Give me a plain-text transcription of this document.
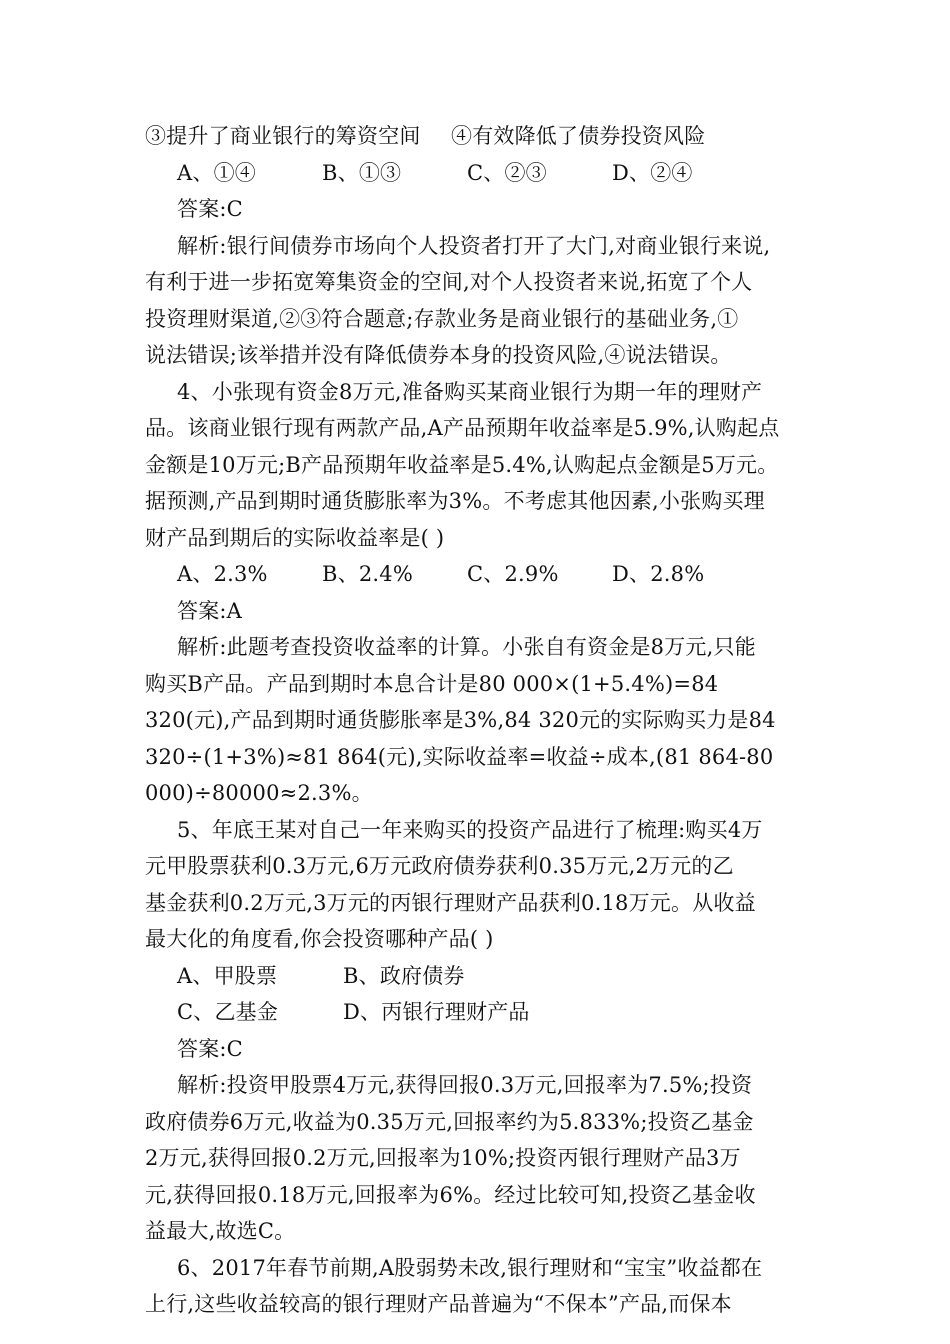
③提升了商业银行的筹资空间	④有效降低了债券投资风险
A、①④	B、①③	C、②③	D、②④
答案:C
解析:银行间债券市场向个人投资者打开了大门,对商业银行来说,
有利于进一步拓宽筹集资金的空间,对个人投资者来说,拓宽了个人
投资理财渠道,②③符合题意;存款业务是商业银行的基础业务,①
说法错误;该举措并没有降低债券本身的投资风险,④说法错误。
4、小张现有资金8万元,准备购买某商业银行为期一年的理财产
品。该商业银行现有两款产品,A产品预期年收益率是5.9%,认购起点
金额是10万元;B产品预期年收益率是5.4%,认购起点金额是5万元。
据预测,产品到期时通货膨胀率为3%。不考虑其他因素,小张购买理
财产品到期后的实际收益率是( )
A、2.3%	B、2.4%	C、2.9%	D、2.8%
答案:A
解析:此题考查投资收益率的计算。小张自有资金是8万元,只能
购买B产品。产品到期时本息合计是80 000×(1+5.4%)=84
320(元),产品到期时通货膨胀率是3%,84 320元的实际购买力是84
320÷(1+3%)≈81 864(元),实际收益率=收益÷成本,(81 864-80
000)÷80000≈2.3%。
5、年底王某对自己一年来购买的投资产品进行了梳理:购买4万
元甲股票获利0.3万元,6万元政府债券获利0.35万元,2万元的乙
基金获利0.2万元,3万元的丙银行理财产品获利0.18万元。从收益
最大化的角度看,你会投资哪种产品( )
A、甲股票	B、政府债券
C、乙基金	D、丙银行理财产品
答案:C
解析:投资甲股票4万元,获得回报0.3万元,回报率为7.5%;投资
政府债券6万元,收益为0.35万元,回报率约为5.833%;投资乙基金
2万元,获得回报0.2万元,回报率为10%;投资丙银行理财产品3万
元,获得回报0.18万元,回报率为6%。经过比较可知,投资乙基金收
益最大,故选C。
6、2017年春节前期,A股弱势未改,银行理财和“宝宝”收益都在
上行,这些收益较高的银行理财产品普遍为“不保本”产品,而保本
